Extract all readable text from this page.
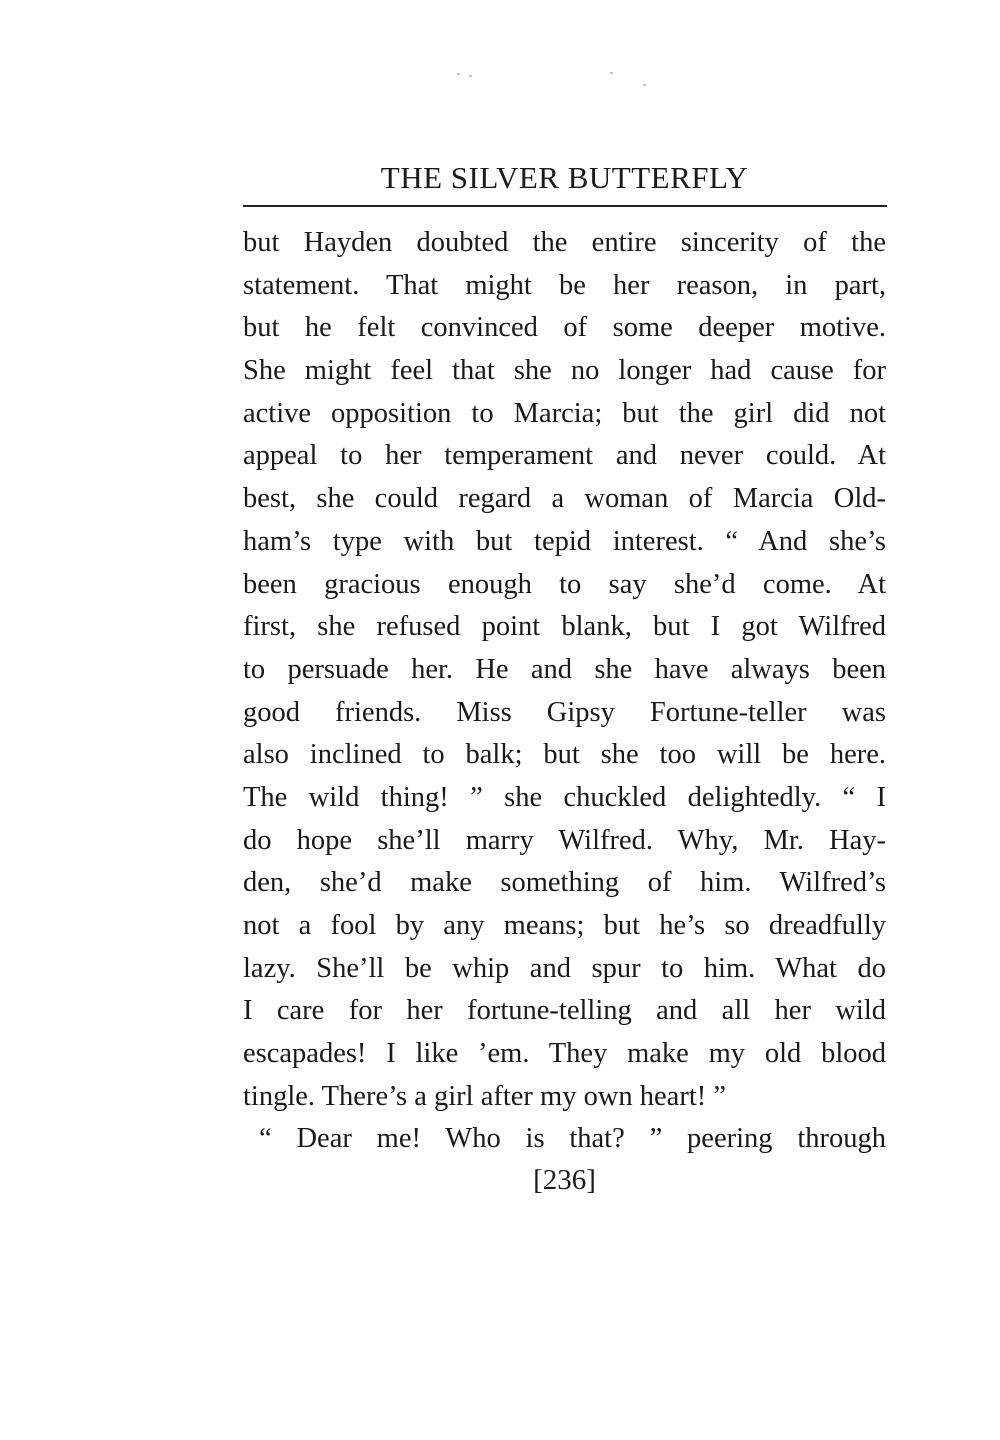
THE SILVER BUTTERFLY
but Hayden doubted the entire sincerity of the
statement. That might be her reason, in part,
but he felt convinced of some deeper motive.
She might feel that she no longer had cause for
active opposition to Marcia; but the girl did not
appeal to her temperament and never could. At
best, she could regard a woman of Marcia Old-
ham’s type with but tepid interest. “ And she’s
been gracious enough to say she’d come. At
first, she refused point blank, but I got Wilfred
to persuade her. He and she have always been
good friends. Miss Gipsy Fortune-teller was
also inclined to balk; but she too will be here.
The wild thing! ” she chuckled delightedly. “ I
do hope she’ll marry Wilfred. Why, Mr. Hay-
den, she’d make something of him. Wilfred’s
not a fool by any means; but he’s so dreadfully
lazy. She’ll be whip and spur to him. What do
I care for her fortune-telling and all her wild
escapades! I like ’em. They make my old blood
tingle. There’s a girl after my own heart! ”
“ Dear me! Who is that? ” peering through
[236]
